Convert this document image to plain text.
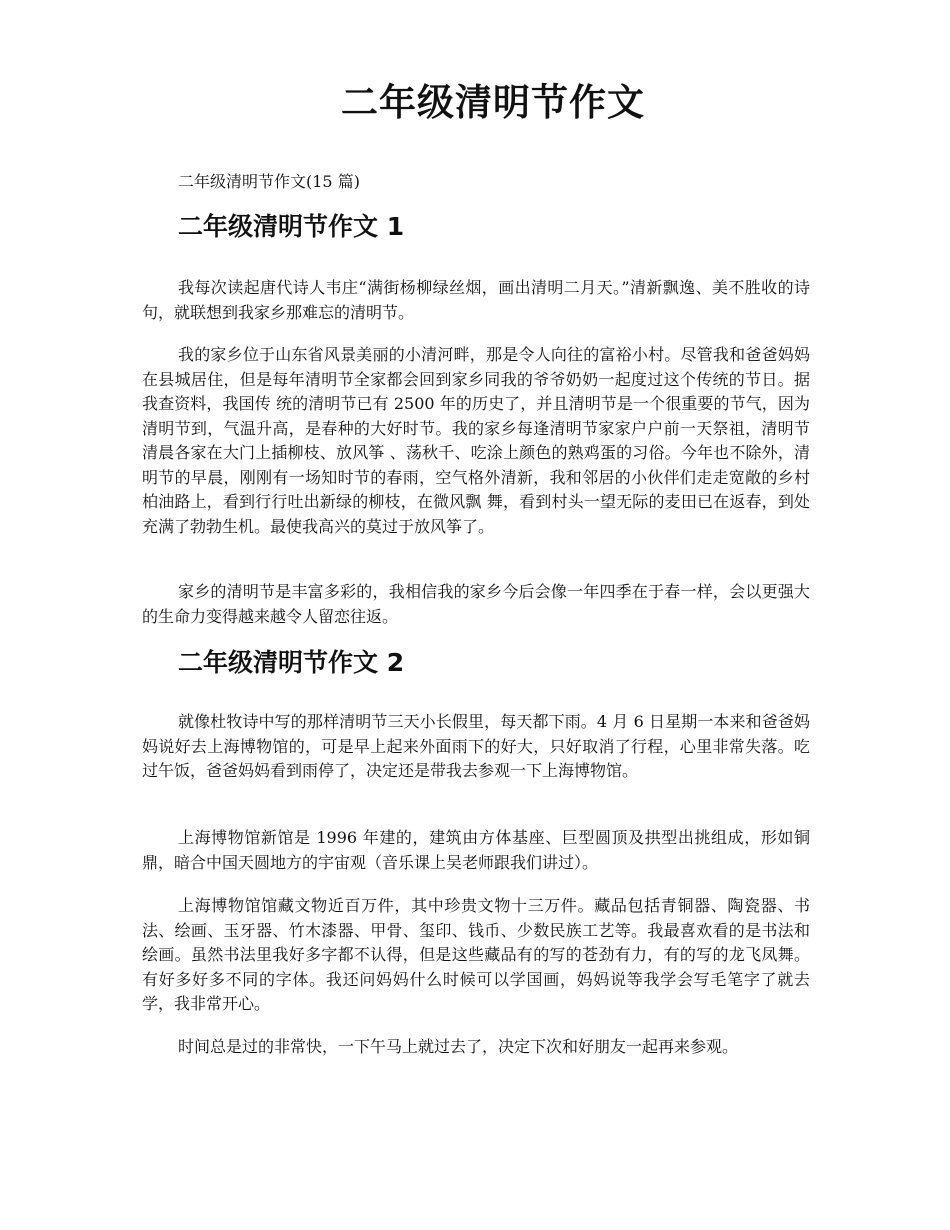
二年级清明节作文

二年级清明节作文(15 篇)

二年级清明节作文 1

我每次读起唐代诗人韦庄“满街杨柳绿丝烟，画出清明二月天。”清新飘逸、美不胜收的诗句，就联想到我家乡那难忘的清明节。

我的家乡位于山东省风景美丽的小清河畔，那是令人向往的富裕小村。尽管我和爸爸妈妈在县城居住，但是每年清明节全家都会回到家乡同我的爷爷奶奶一起度过这个传统的节日。据我查资料，我国传 统的清明节已有 2500 年的历史了，并且清明节是一个很重要的节气，因为清明节到，气温升高，是春种的大好时节。我的家乡每逢清明节家家户户前一天祭祖，清明节清晨各家在大门上插柳枝、放风筝 、荡秋千、吃涂上颜色的熟鸡蛋的习俗。今年也不除外，清明节的早晨，刚刚有一场知时节的春雨，空气格外清新，我和邻居的小伙伴们走走宽敞的乡村柏油路上，看到行行吐出新绿的柳枝，在微风飘 舞，看到村头一望无际的麦田已在返春，到处充满了勃勃生机。最使我高兴的莫过于放风筝了。

家乡的清明节是丰富多彩的，我相信我的家乡今后会像一年四季在于春一样，会以更强大的生命力变得越来越令人留恋往返。

二年级清明节作文 2

就像杜牧诗中写的那样清明节三天小长假里，每天都下雨。4 月 6 日星期一本来和爸爸妈妈说好去上海博物馆的，可是早上起来外面雨下的好大，只好取消了行程，心里非常失落。吃过午饭，爸爸妈妈看到雨停了，决定还是带我去参观一下上海博物馆。

上海博物馆新馆是 1996 年建的，建筑由方体基座、巨型圆顶及拱型出挑组成，形如铜鼎，暗合中国天圆地方的宇宙观（音乐课上吴老师跟我们讲过）。

上海博物馆馆藏文物近百万件，其中珍贵文物十三万件。藏品包括青铜器、陶瓷器、书法、绘画、玉牙器、竹木漆器、甲骨、玺印、钱币、少数民族工艺等。我最喜欢看的是书法和绘画。虽然书法里我好多字都不认得，但是这些藏品有的写的苍劲有力，有的写的龙飞凤舞。有好多好多不同的字体。我还问妈妈什么时候可以学国画，妈妈说等我学会写毛笔字了就去学，我非常开心。

时间总是过的非常快，一下午马上就过去了，决定下次和好朋友一起再来参观。
